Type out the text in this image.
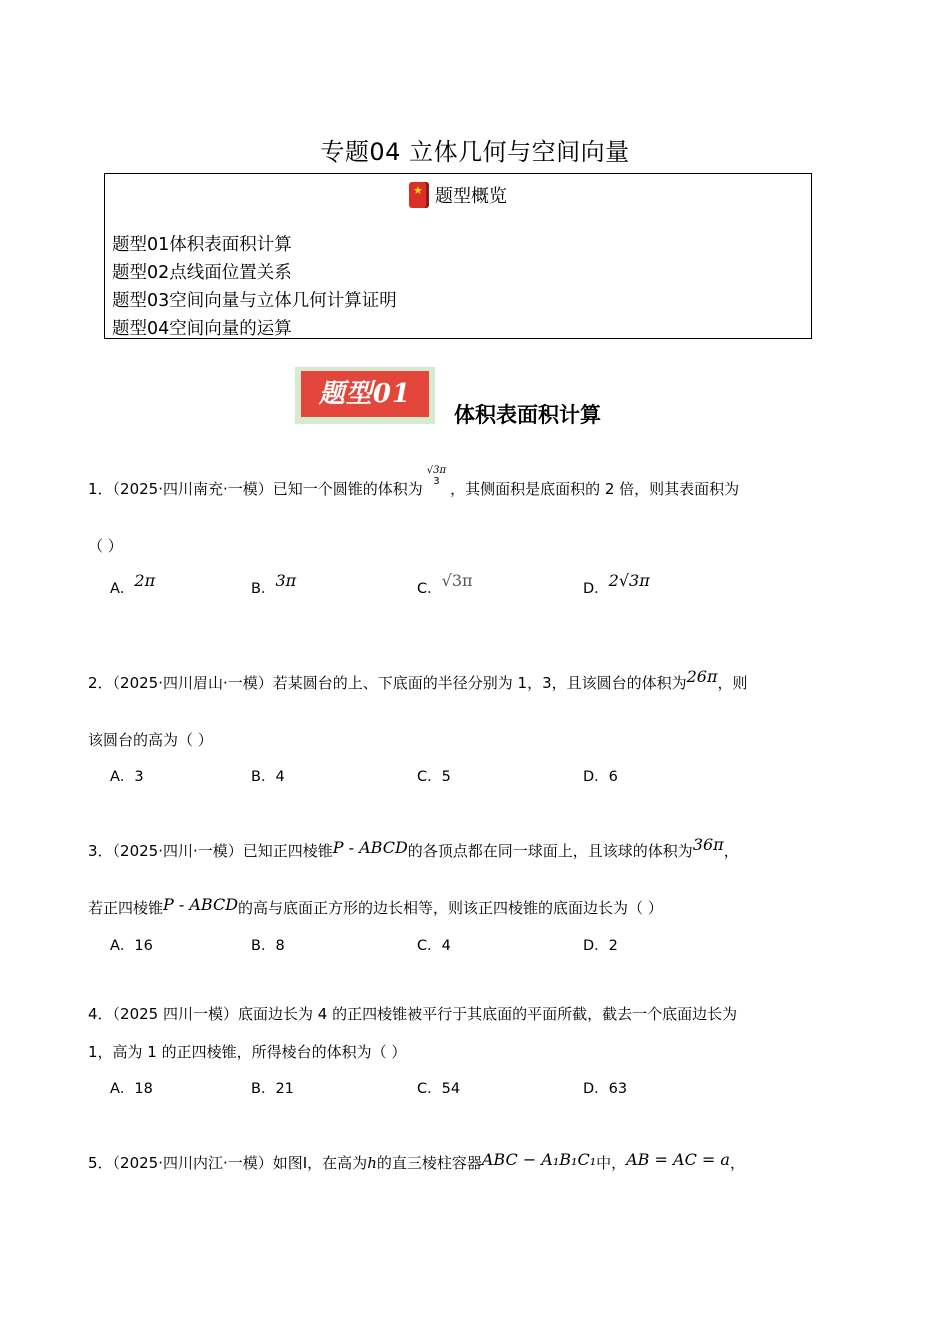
专题04 立体几何与空间向量
★ 题型概览
题型01体积表面积计算
题型02点线面位置关系
题型03空间向量与立体几何计算证明
题型04空间向量的运算
题型01
体积表面积计算
1．（2025·四川南充·一模）已知一个圆锥的体积为
√3π
3 ，其侧面积是底面积的 2 倍，则其表面积为
（ ）
A．2π	B．3π	C．√3π	D．2√3π
2．（2025·四川眉山·一模）若某圆台的上、下底面的半径分别为 1，3，且该圆台的体积为26π，则
该圆台的高为（ ）
A．3	B．4	C．5	D．6
3．（2025·四川·一模）已知正四棱锥P - ABCD的各顶点都在同一球面上，且该球的体积为36π，
若正四棱锥P - ABCD的高与底面正方形的边长相等，则该正四棱锥的底面边长为（ ）
A．16	B．8	C．4	D．2
4．（2025 四川一模）底面边长为 4 的正四棱锥被平行于其底面的平面所截，截去一个底面边长为
1，高为 1 的正四棱锥，所得棱台的体积为（ ）
A．18	B．21	C．54	D．63
5．（2025·四川内江·一模）如图Ⅰ，在高为h的直三棱柱容器ABC − A₁B₁C₁中，AB = AC = a，
